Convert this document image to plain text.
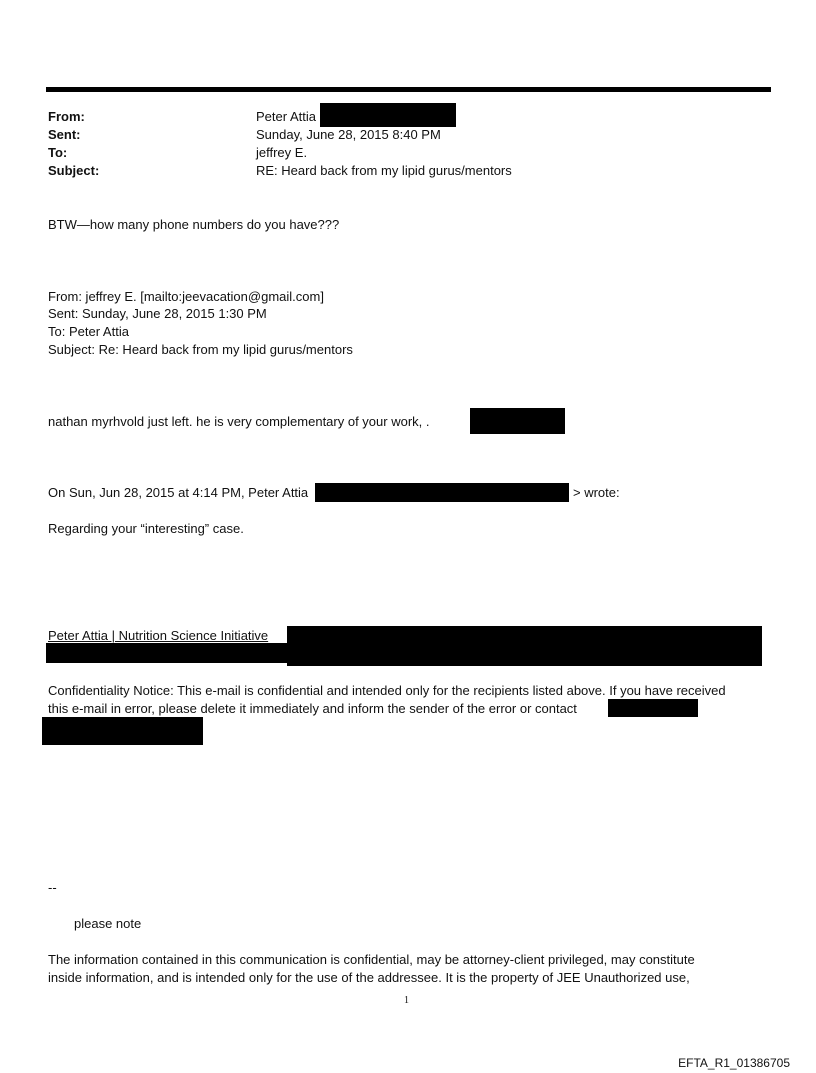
From:	Peter Attia
Sent:	Sunday, June 28, 2015 8:40 PM
To:	jeffrey E.
Subject:	RE: Heard back from my lipid gurus/mentors
BTW—how many phone numbers do you have???
From: jeffrey E. [mailto:jeevacation@gmail.com]
Sent: Sunday, June 28, 2015 1:30 PM
To: Peter Attia
Subject: Re: Heard back from my lipid gurus/mentors
nathan myrhvold just left. he is very complementary of your work, .
On Sun, Jun 28, 2015 at 4:14 PM, Peter Attia	> wrote:
Regarding your “interesting” case.
Peter Attia | Nutrition Science Initiative
Confidentiality Notice: This e-mail is confidential and intended only for the recipients listed above. If you have received
this e-mail in error, please delete it immediately and inform the sender of the error or contact
--
please note
The information contained in this communication is confidential, may be attorney-client privileged, may constitute
inside information, and is intended only for the use of the addressee. It is the property of JEE Unauthorized use,
1
EFTA_R1_01386705
